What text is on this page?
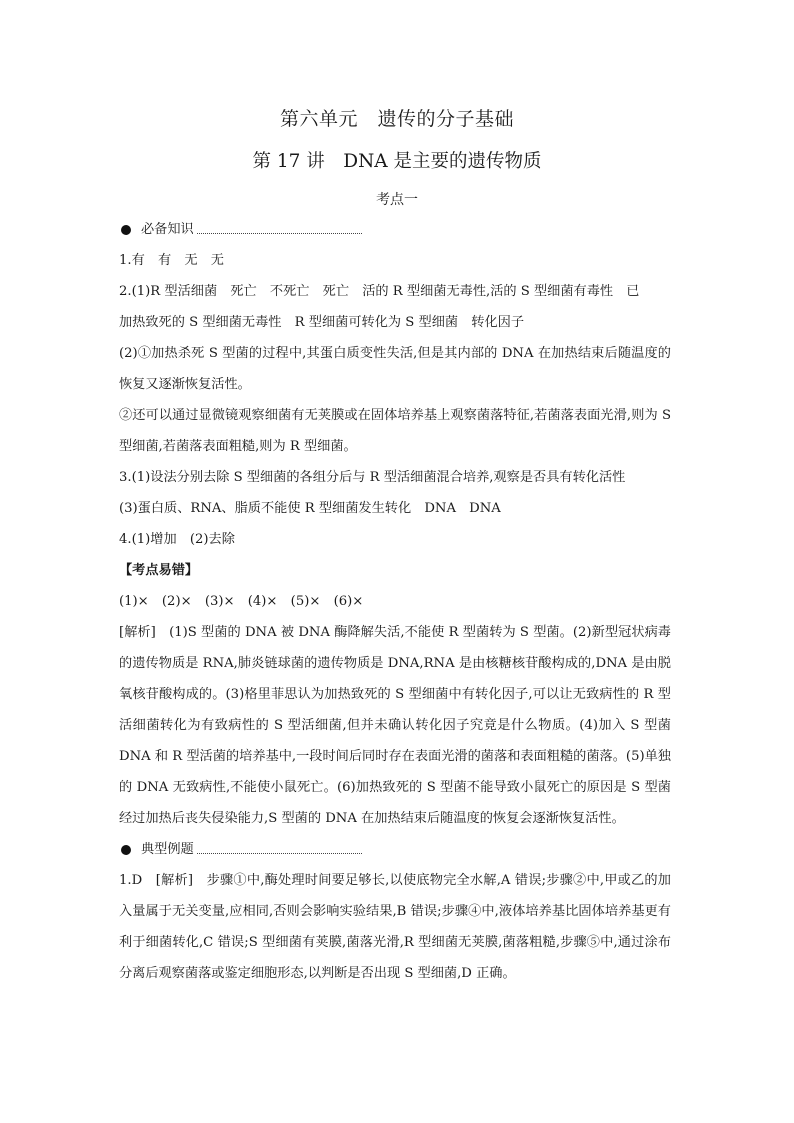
第六单元　遗传的分子基础
第 17 讲　DNA 是主要的遗传物质
考点一
必备知识
1.有　有　无　无
2.(1)R 型活细菌　死亡　不死亡　死亡　活的 R 型细菌无毒性,活的 S 型细菌有毒性　已
加热致死的 S 型细菌无毒性　R 型细菌可转化为 S 型细菌　转化因子
(2)①加热杀死 S 型菌的过程中,其蛋白质变性失活,但是其内部的 DNA 在加热结束后随温度的恢复又逐渐恢复活性。
②还可以通过显微镜观察细菌有无荚膜或在固体培养基上观察菌落特征,若菌落表面光滑,则为 S 型细菌,若菌落表面粗糙,则为 R 型细菌。
3.(1)设法分别去除 S 型细菌的各组分后与 R 型活细菌混合培养,观察是否具有转化活性
(3)蛋白质、RNA、脂质不能使 R 型细菌发生转化　DNA　DNA
4.(1)增加　(2)去除
【考点易错】
(1)×　(2)×　(3)×　(4)×　(5)×　(6)×
[解析]　(1)S 型菌的 DNA 被 DNA 酶降解失活,不能使 R 型菌转为 S 型菌。(2)新型冠状病毒的遗传物质是 RNA,肺炎链球菌的遗传物质是 DNA,RNA 是由核糖核苷酸构成的,DNA 是由脱氧核苷酸构成的。(3)格里菲思认为加热致死的 S 型细菌中有转化因子,可以让无致病性的 R 型活细菌转化为有致病性的 S 型活细菌,但并未确认转化因子究竟是什么物质。(4)加入 S 型菌 DNA 和 R 型活菌的培养基中,一段时间后同时存在表面光滑的菌落和表面粗糙的菌落。(5)单独的 DNA 无致病性,不能使小鼠死亡。(6)加热致死的 S 型菌不能导致小鼠死亡的原因是 S 型菌经过加热后丧失侵染能力,S 型菌的 DNA 在加热结束后随温度的恢复会逐渐恢复活性。
典型例题
1.D　[解析]　步骤①中,酶处理时间要足够长,以使底物完全水解,A 错误;步骤②中,甲或乙的加入量属于无关变量,应相同,否则会影响实验结果,B 错误;步骤④中,液体培养基比固体培养基更有利于细菌转化,C 错误;S 型细菌有荚膜,菌落光滑,R 型细菌无荚膜,菌落粗糙,步骤⑤中,通过涂布分离后观察菌落或鉴定细胞形态,以判断是否出现 S 型细菌,D 正确。
